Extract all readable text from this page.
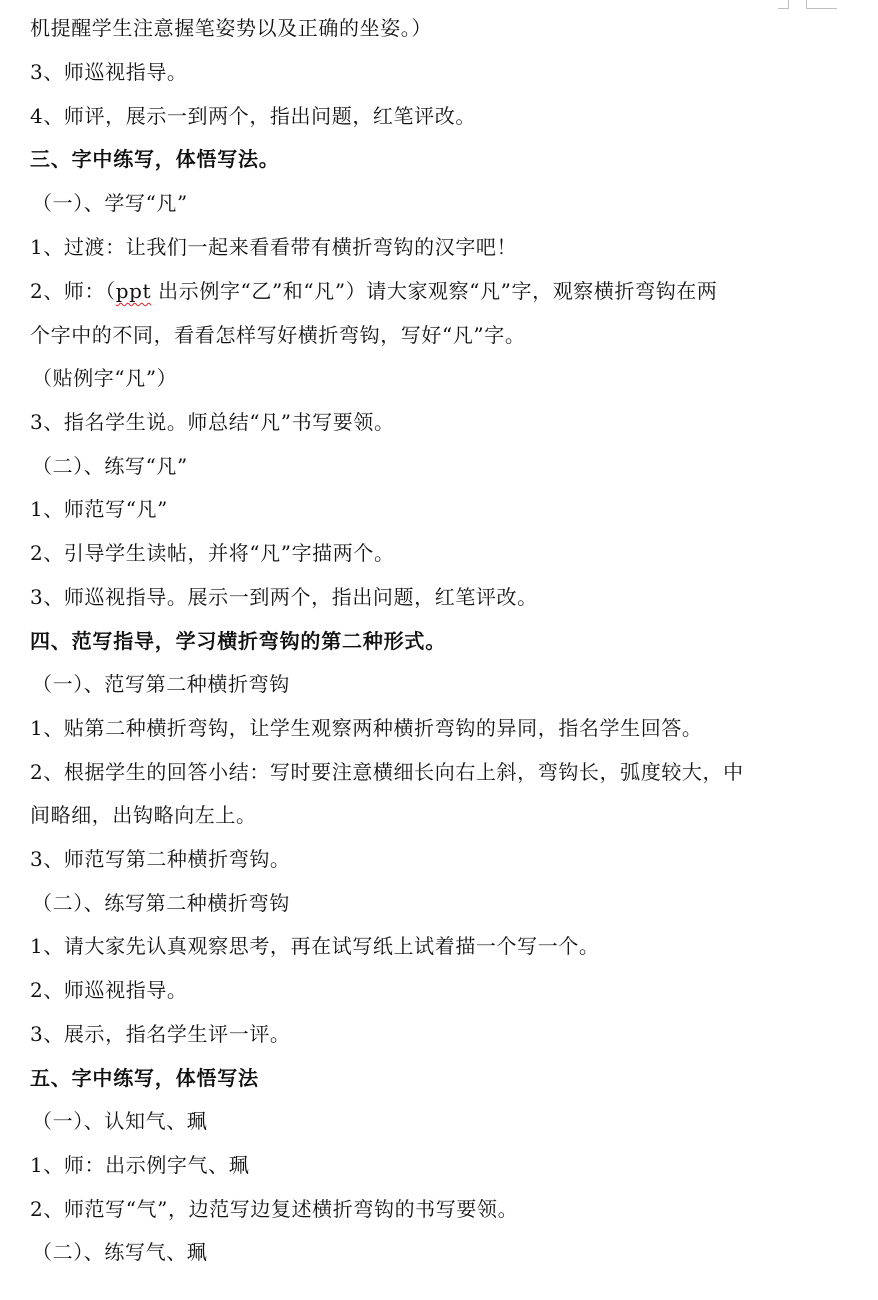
机提醒学生注意握笔姿势以及正确的坐姿。）
3、师巡视指导。
4、师评，展示一到两个，指出问题，红笔评改。
三、字中练写，体悟写法。
（一）、学写“凡”
1、过渡：让我们一起来看看带有横折弯钩的汉字吧！
2、师：（ppt 出示例字“乙”和“凡”）请大家观察“凡”字，观察横折弯钩在两
个字中的不同，看看怎样写好横折弯钩，写好“凡”字。
（贴例字“凡”）
3、指名学生说。师总结“凡”书写要领。
（二）、练写“凡”
1、师范写“凡”
2、引导学生读帖，并将“凡”字描两个。
3、师巡视指导。展示一到两个，指出问题，红笔评改。
四、范写指导，学习横折弯钩的第二种形式。
（一）、范写第二种横折弯钩
1、贴第二种横折弯钩，让学生观察两种横折弯钩的异同，指名学生回答。
2、根据学生的回答小结：写时要注意横细长向右上斜，弯钩长，弧度较大，中
间略细，出钩略向左上。
3、师范写第二种横折弯钩。
（二）、练写第二种横折弯钩
1、请大家先认真观察思考，再在试写纸上试着描一个写一个。
2、师巡视指导。
3、展示，指名学生评一评。
五、字中练写，体悟写法
（一）、认知气、珮
1、师：出示例字气、珮
2、师范写“气”，边范写边复述横折弯钩的书写要领。
（二）、练写气、珮
